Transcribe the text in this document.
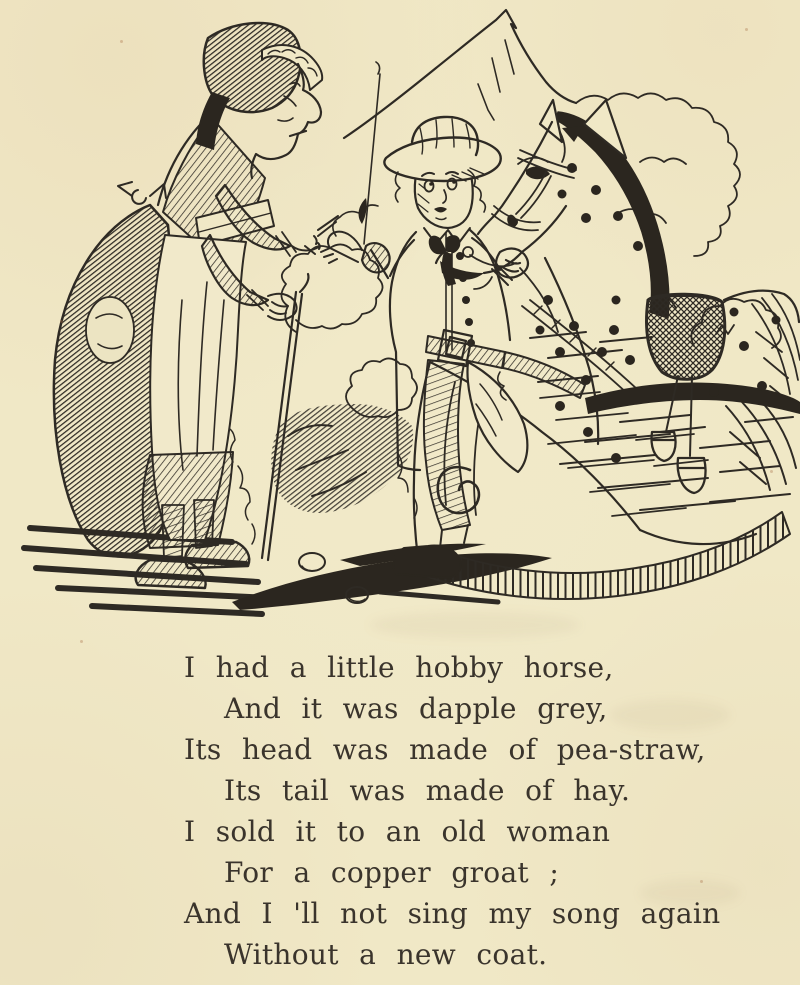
I had a little hobby horse,
And it was dapple grey,
Its head was made of pea-straw,
Its tail was made of hay.
I sold it to an old woman
For a copper groat ;
And I 'll not sing my song again
Without a new coat.
